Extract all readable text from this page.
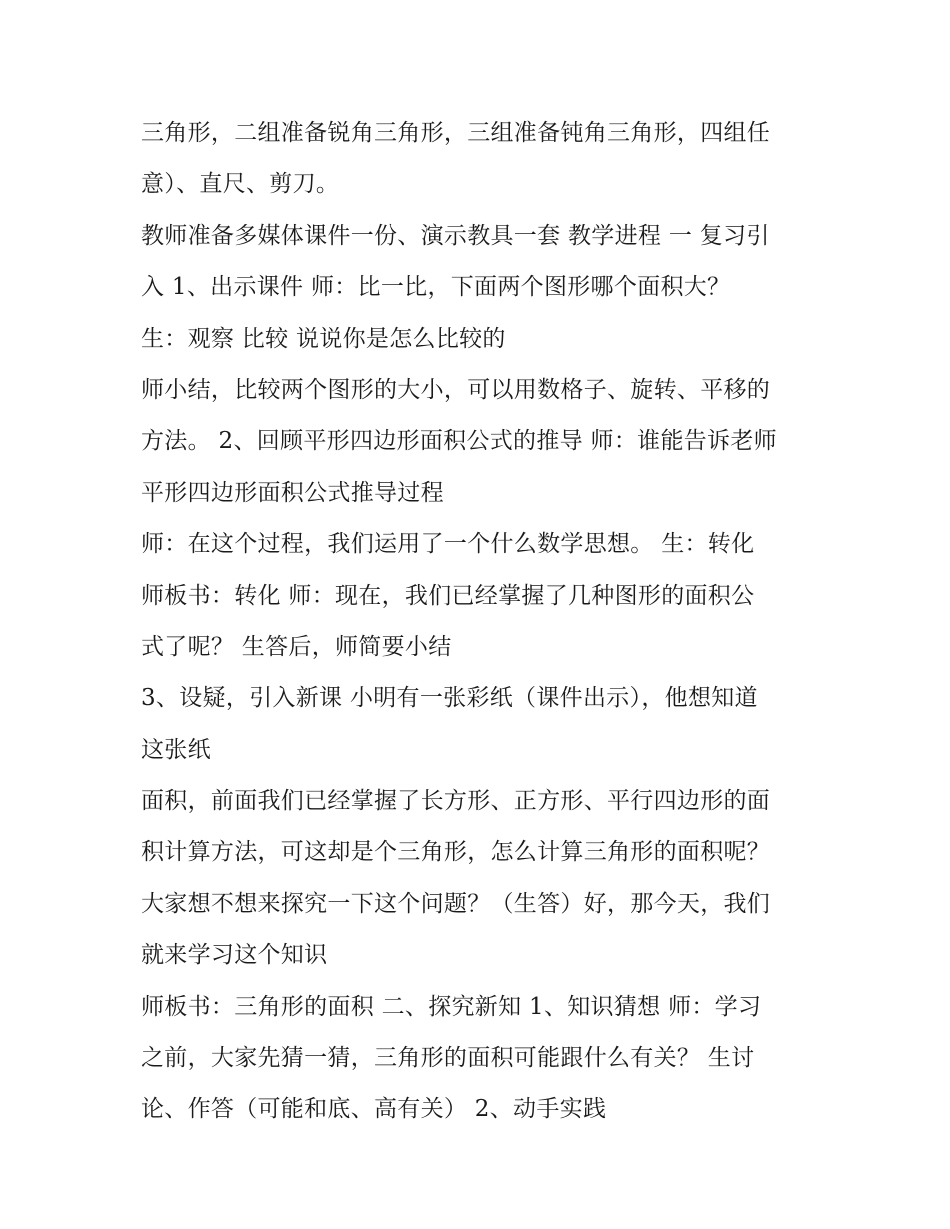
三角形，二组准备锐角三角形，三组准备钝角三角形，四组任
意）、直尺、剪刀。
教师准备多媒体课件一份、演示教具一套 教学进程 一 复习引
入 1、出示课件 师：比一比，下面两个图形哪个面积大？
生：观察 比较 说说你是怎么比较的
师小结，比较两个图形的大小，可以用数格子、旋转、平移的
方法。 2、回顾平形四边形面积公式的推导 师：谁能告诉老师
平形四边形面积公式推导过程
师：在这个过程，我们运用了一个什么数学思想。 生：转化
师板书：转化 师：现在，我们已经掌握了几种图形的面积公
式了呢？ 生答后，师简要小结
3、设疑，引入新课 小明有一张彩纸（课件出示），他想知道
这张纸
面积，前面我们已经掌握了长方形、正方形、平行四边形的面
积计算方法，可这却是个三角形，怎么计算三角形的面积呢？
大家想不想来探究一下这个问题？（生答）好，那今天，我们
就来学习这个知识
师板书：三角形的面积 二、探究新知 1、知识猜想 师：学习
之前，大家先猜一猜，三角形的面积可能跟什么有关？ 生讨
论、作答（可能和底、高有关） 2、动手实践
